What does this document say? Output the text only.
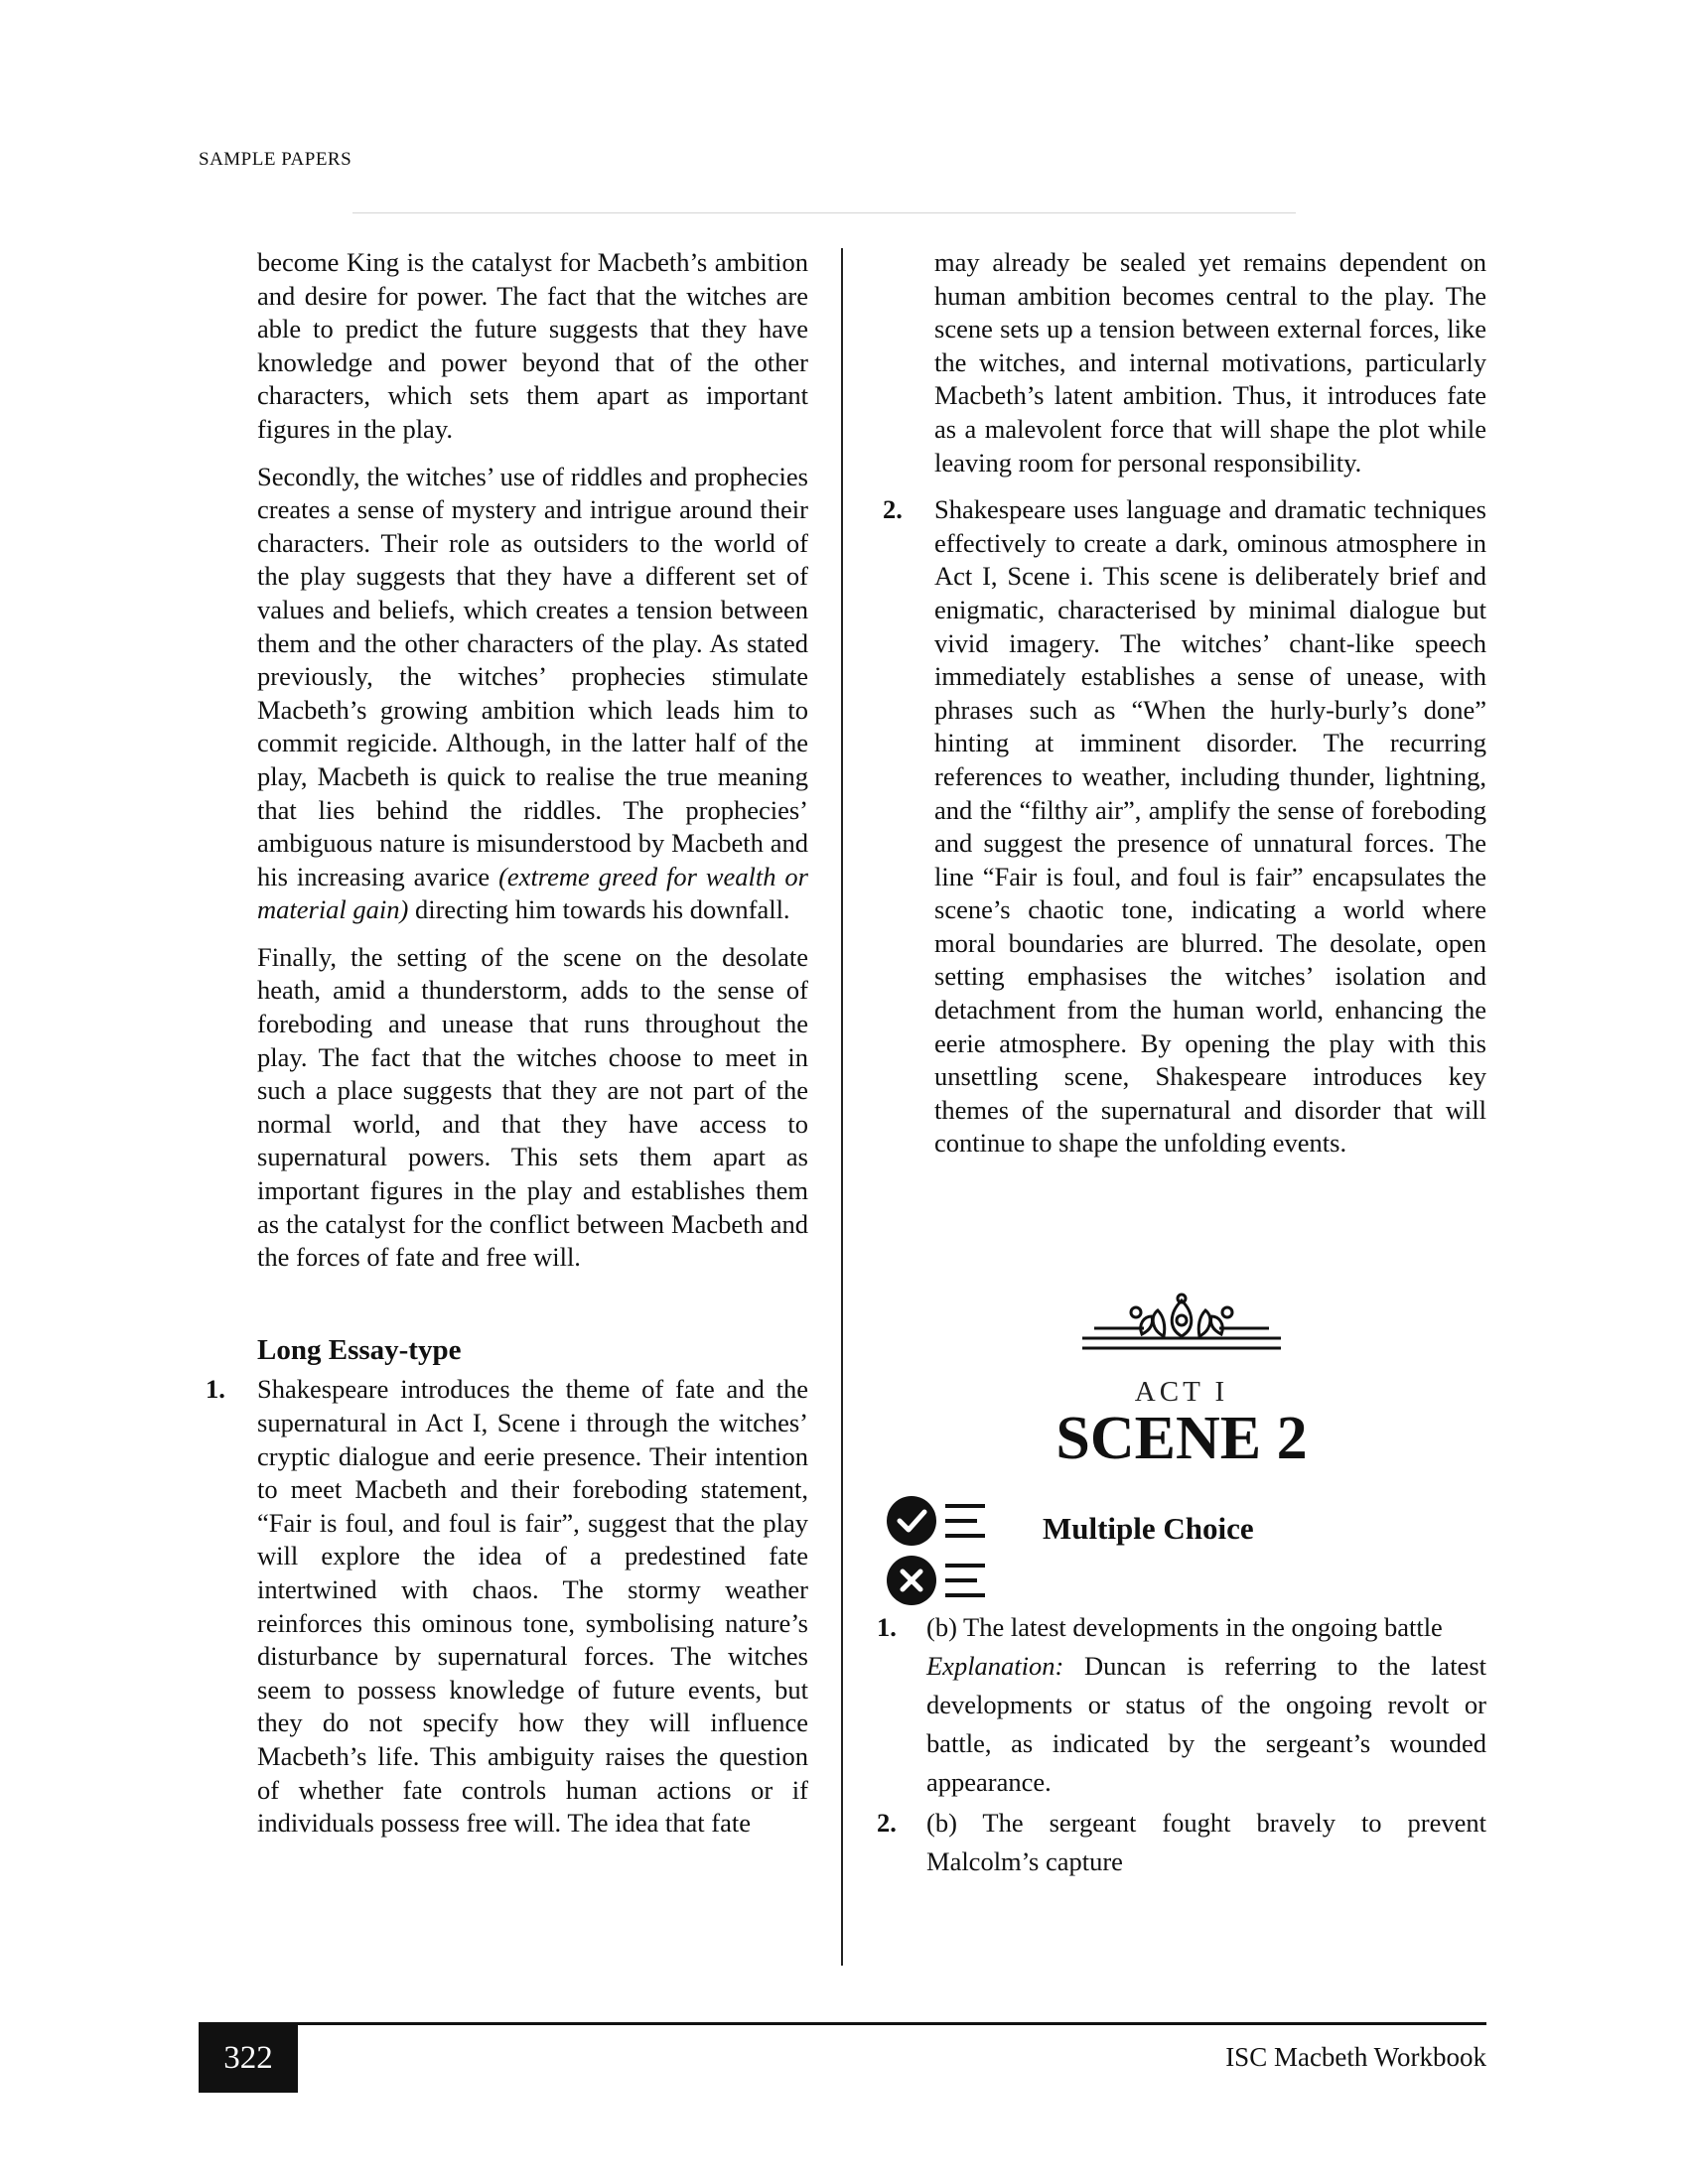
SAMPLE PAPERS

become King is the catalyst for Macbeth’s ambition and desire for power. The fact that the witches are able to predict the future suggests that they have knowledge and power beyond that of the other characters, which sets them apart as important figures in the play.

Secondly, the witches’ use of riddles and prophecies creates a sense of mystery and intrigue around their characters. Their role as outsiders to the world of the play suggests that they have a different set of values and beliefs, which creates a tension between them and the other characters of the play. As stated previously, the witches’ prophecies stimulate Macbeth’s growing ambition which leads him to commit regicide. Although, in the latter half of the play, Macbeth is quick to realise the true meaning that lies behind the riddles. The prophecies’ ambiguous nature is misunderstood by Macbeth and his increasing avarice (extreme greed for wealth or material gain) directing him towards his downfall.

Finally, the setting of the scene on the desolate heath, amid a thunderstorm, adds to the sense of foreboding and unease that runs throughout the play. The fact that the witches choose to meet in such a place suggests that they are not part of the normal world, and that they have access to supernatural powers. This sets them apart as important figures in the play and establishes them as the catalyst for the conflict between Macbeth and the forces of fate and free will.

Long Essay-type
1. Shakespeare introduces the theme of fate and the supernatural in Act I, Scene i through the witches’ cryptic dialogue and eerie presence. Their intention to meet Macbeth and their foreboding statement, “Fair is foul, and foul is fair”, suggest that the play will explore the idea of a predestined fate intertwined with chaos. The stormy weather reinforces this ominous tone, symbolising nature’s disturbance by supernatural forces. The witches seem to possess knowledge of future events, but they do not specify how they will influence Macbeth’s life. This ambiguity raises the question of whether fate controls human actions or if individuals possess free will. The idea that fate

may already be sealed yet remains dependent on human ambition becomes central to the play. The scene sets up a tension between external forces, like the witches, and internal motivations, particularly Macbeth’s latent ambition. Thus, it introduces fate as a malevolent force that will shape the plot while leaving room for personal responsibility.

2. Shakespeare uses language and dramatic techniques effectively to create a dark, ominous atmosphere in Act I, Scene i. This scene is deliberately brief and enigmatic, characterised by minimal dialogue but vivid imagery. The witches’ chant-like speech immediately establishes a sense of unease, with phrases such as “When the hurly-burly’s done” hinting at imminent disorder. The recurring references to weather, including thunder, lightning, and the “filthy air”, amplify the sense of foreboding and suggest the presence of unnatural forces. The line “Fair is foul, and foul is fair” encapsulates the scene’s chaotic tone, indicating a world where moral boundaries are blurred. The desolate, open setting emphasises the witches’ isolation and detachment from the human world, enhancing the eerie atmosphere. By opening the play with this unsettling scene, Shakespeare introduces key themes of the supernatural and disorder that will continue to shape the unfolding events.

ACT I
SCENE 2
Multiple Choice
1. (b) The latest developments in the ongoing battle
Explanation: Duncan is referring to the latest developments or status of the ongoing revolt or battle, as indicated by the sergeant’s wounded appearance.
2. (b) The sergeant fought bravely to prevent Malcolm’s capture
322	ISC Macbeth Workbook
